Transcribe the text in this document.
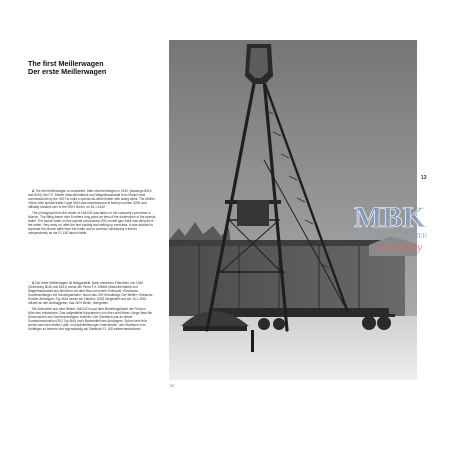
The first Meillerwagen
Der erste Meillerwagen

A The first Meillerwagen is completed. After several designs in 1940, (drawings 8016 and 8161) the F.X. Meiller Maschinenfabrik und Wagenbauanstalt from Munich was commissioned by the OKH to build a special six-wheel trailer with swing axles. The Meiller »three-axle special trailer« type MA4 was manufactured at factory number 5253 and officially handed over to the OKH, Berlin, on 16.1.1942.

The photograph from the winter of 1941/42 was taken on the company's premises in Munich. The lifting frame over 8 meters long gives an idea of the dimensions of the special trailer. The launch table on this special construction (SK) model type MA4 was still part of the trailer. Very early on, after the first loading and setting up exercises, it was decided to separate the launch table from the trailer and to continue developing it further independently as the FL 160 launch table.

A Der erste Meillerwagen ist fertiggestellt. Nach mehreren Entwürfen von 1940 (Zeichnung 8016 und 8161) wurde die Firma F.X. Meiller Maschinenfabrik und Wagenbauanstalt aus München mit dem Bau von einem Exemplar »Sechsrad-Sonderanhänger mit Schwingachsen« durch das OKH beauftragt. Der Meiller »Dreiachs-Sonder-Anhänger« Typ MA4 wurde als Fabriknr. 5253 hergestellt und am 16.1.1942 offiziell an den Auftraggeber, das OKH Berlin, übergeben.

Die Aufnahme aus dem Winter 1941/42 ist auf dem Betriebsgelände der Firma in München entstanden. Das aufgestellte Kipprahmen von über acht Meter Länge lässt die Dimensionen des Sonderanhängers erahnen. Der Starttisch war an dieser Sonderkonstruktion (SK) Typ MA4 noch Bestandteil des Anhängers. Schon sehr früh wurde nach den ersten Lade- und Aufstellübungen entschieden, den Starttisch vom Anhänger zu trennen und eigenständig als Starttisch FL 160 weiterzuentwickeln.

13
XX
MBK
MODELLBAU KÖRNER
Germany
